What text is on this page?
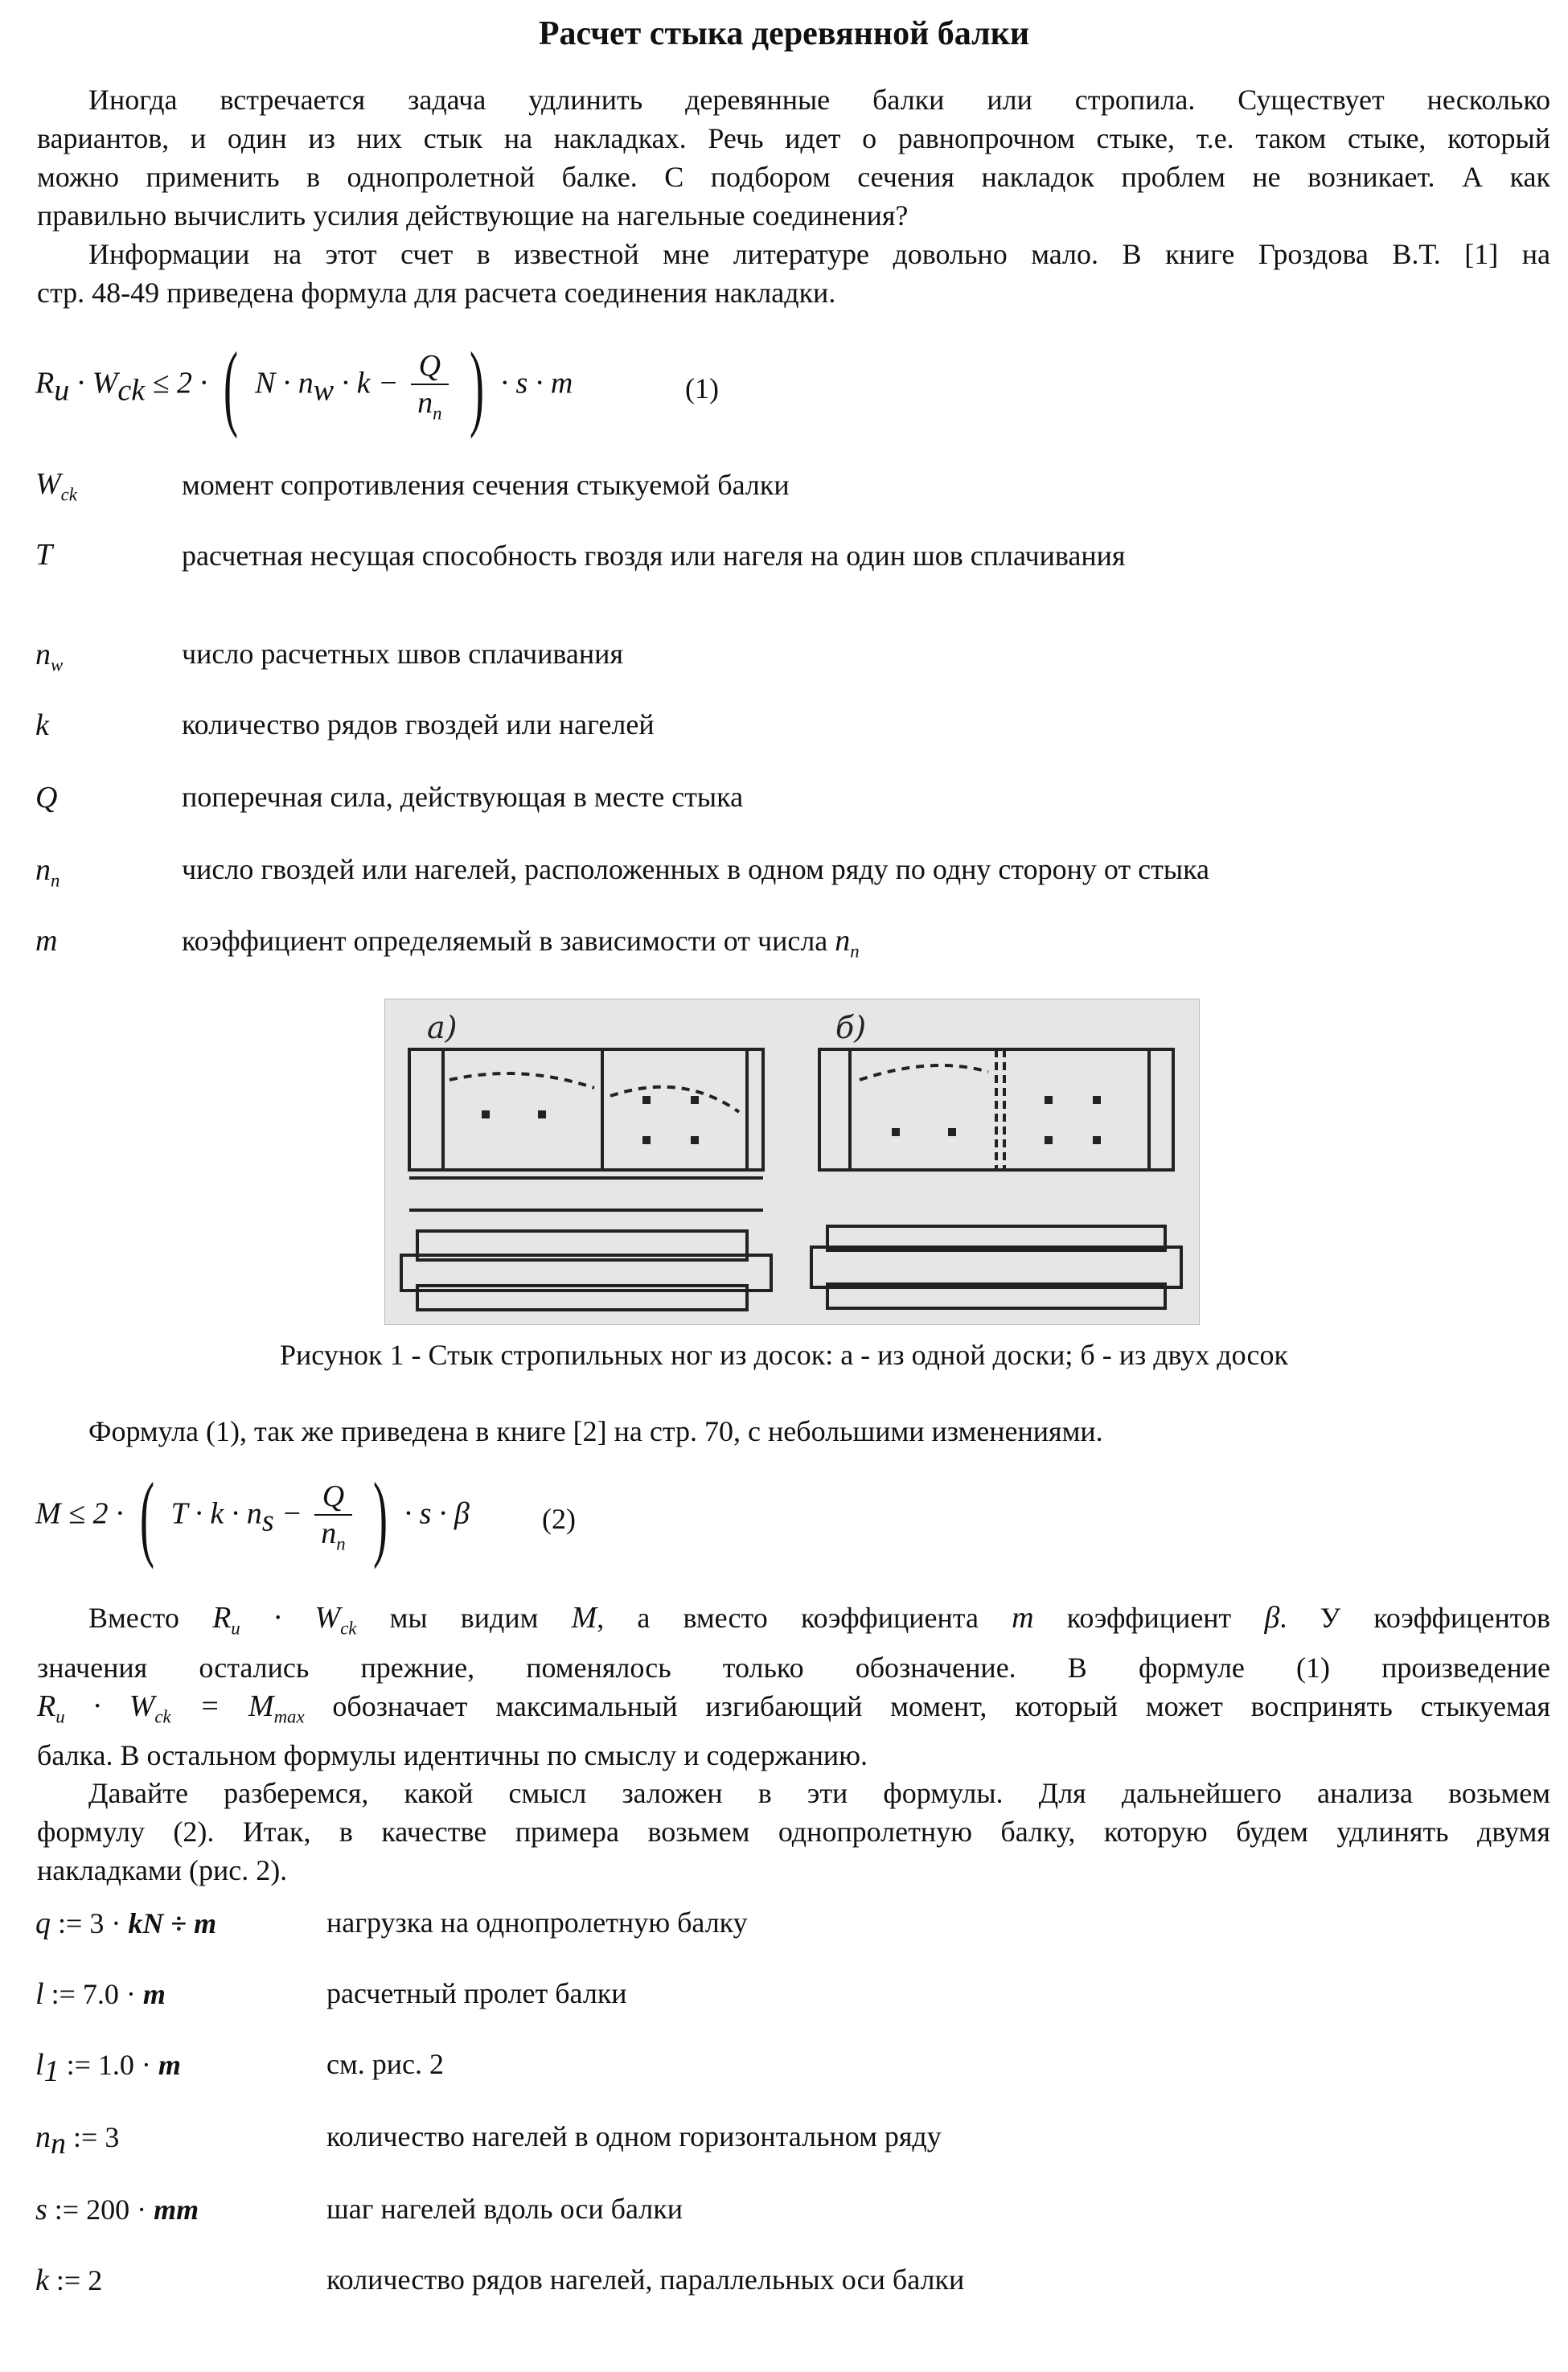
Расчет стыка деревянной балки
Иногда встречается задача удлинить деревянные балки или стропила. Существует несколько
вариантов, и один из них стык на накладках. Речь идет о равнопрочном стыке, т.е. таком стыке, который
можно применить в однопролетной балке. С подбором сечения накладок проблем не возникает. А как
правильно вычислить усилия действующие на нагельные соединения?
Информации на этот счет в известной мне литературе довольно мало. В книге Гроздова В.Т. [1] на
стр. 48-49 приведена формула для расчета соединения накладки.
$R_u \cdot W_{ck} \le 2$ · ( $N \cdot n_w \cdot k - \frac{Q}{n_n}$ ) · s · m	(1)
$W_{ck}$	момент сопротивления сечения стыкуемой балки
T	расчетная несущая способность гвоздя или нагеля на один шов сплачивания
$n_w$	число расчетных швов сплачивания
k	количество рядов гвоздей или нагелей
Q	поперечная сила, действующая в месте стыка
$n_n$	число гвоздей или нагелей, расположенных в одном ряду по одну сторону от стыка
m	коэффициент определяемый в зависимости от числа $n_n$
а)	б)
Рисунок 1 - Стык стропильных ног из досок: а - из одной доски; б - из двух досок
Формула (1), так же приведена в книге [2] на стр. 70, с небольшими изменениями.
M ≤ 2 · ( $T \cdot k \cdot n_s - \frac{Q}{n_n}$ ) · s · β	(2)
Вместо $R_u \cdot W_{ck}$ мы видим M, а вместо коэффициента m коэффициент β. У коэффицентов
значения остались прежние, поменялось только обозначение. В формуле (1) произведение
$R_u \cdot W_{ck} = M_{max}$ обозначает максимальный изгибающий момент, который может воспринять стыкуемая
балка. В остальном формулы идентичны по смыслу и содержанию.
Давайте разберемся, какой смысл заложен в эти формулы. Для дальнейшего анализа возьмем
формулу (2). Итак, в качестве примера возьмем однопролетную балку, которую будем удлинять двумя
накладками (рис. 2).
q := 3 · kN ÷ m	нагрузка на однопролетную балку
l := 7.0 · m	расчетный пролет балки
$l_1$ := 1.0 · m	см. рис. 2
$n_n$ := 3	количество нагелей в одном горизонтальном ряду
s := 200 · mm	шаг нагелей вдоль оси балки
k := 2	количество рядов нагелей, параллельных оси балки
